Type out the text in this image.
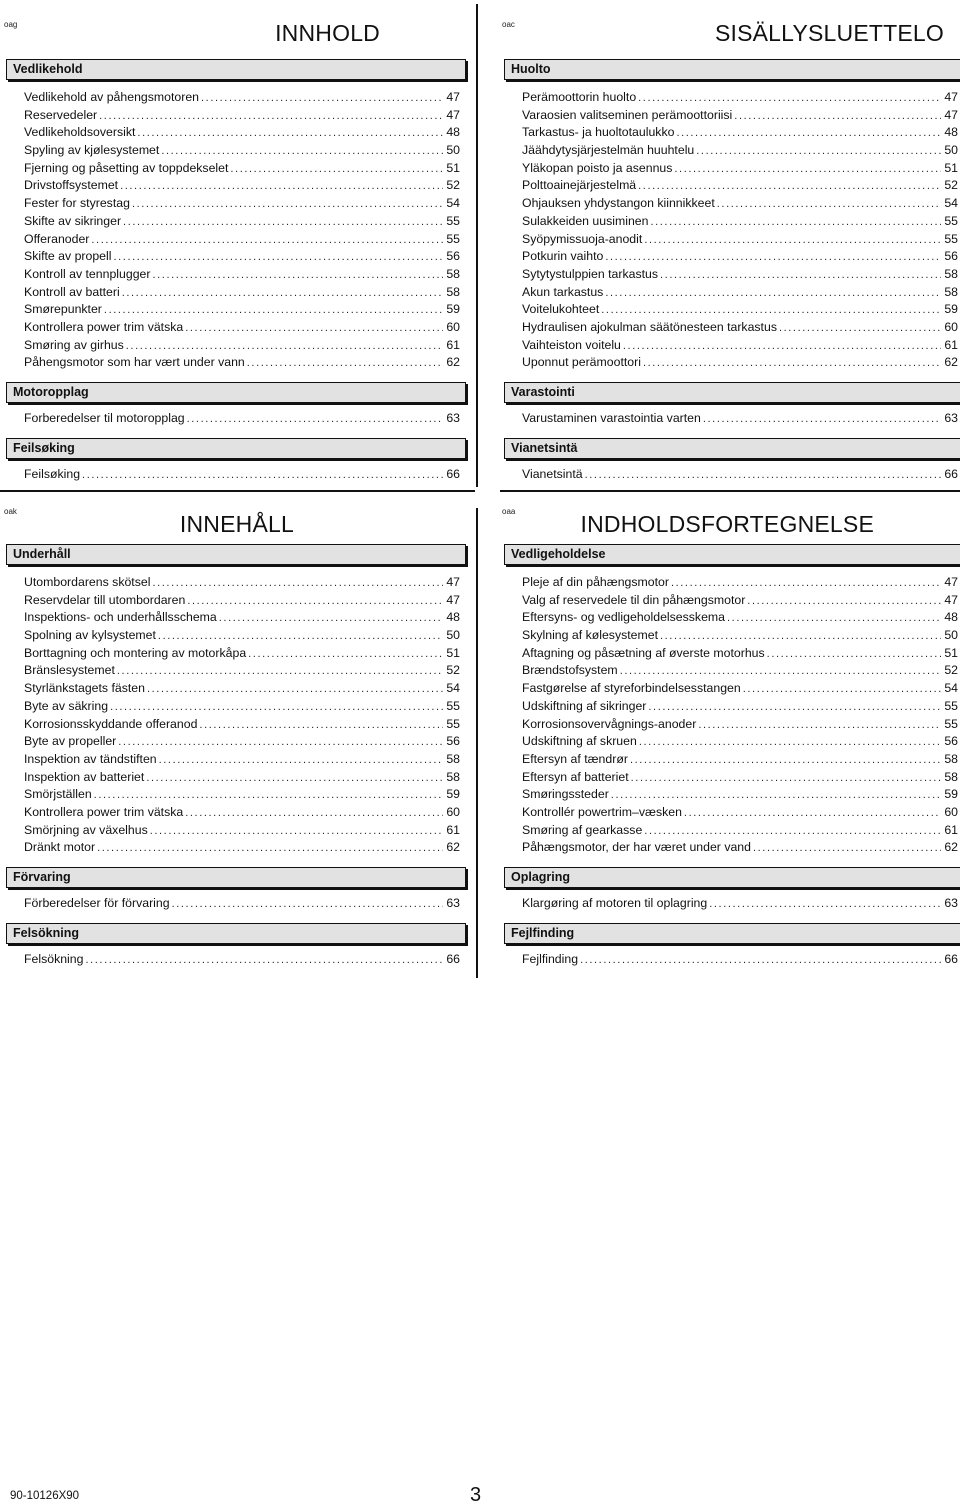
oag	INNHOLD
Vedlikehold
Vedlikehold av påhengsmotoren .....	47
Reservedeler .....	47
Vedlikeholdsoversikt .....	48
Spyling av kjølesystemet .....	50
Fjerning og påsetting av toppdekselet .....	51
Drivstoffsystemet .....	52
Fester for styrestag .....	54
Skifte av sikringer .....	55
Offeranoder .....	55
Skifte av propell .....	56
Kontroll av tennplugger .....	58
Kontroll av batteri .....	58
Smørepunkter .....	59
Kontrollera power trim vätska .....	60
Smøring av girhus .....	61
Påhengsmotor som har vært under vann .....	62
Motoropplag
Forberedelser til motoropplag .....	63
Feilsøking
Feilsøking .....	66
oac	SISÄLLYSLUETTELO
Huolto
Perämoottorin huolto .....	47
Varaosien valitseminen perämoottoriisi .....	47
Tarkastus- ja huoltotaulukko .....	48
Jäähdytysjärjestelmän huuhtelu .....	50
Yläkopan poisto ja asennus .....	51
Polttoainejärjestelmä .....	52
Ohjauksen yhdystangon kiinnikkeet .....	54
Sulakkeiden uusiminen .....	55
Syöpymissuoja-anodit .....	55
Potkurin vaihto .....	56
Sytytystulppien tarkastus .....	58
Akun tarkastus .....	58
Voitelukohteet .....	59
Hydraulisen ajokulman säätönesteen tarkastus .....	60
Vaihteiston voitelu .....	61
Uponnut perämoottori .....	62
Varastointi
Varustaminen varastointia varten .....	63
Vianetsintä
Vianetsintä .....	66
oak	INNEHÅLL
Underhåll
Utombordarens skötsel .....	47
Reservdelar till utombordaren .....	47
Inspektions- och underhållsschema .....	48
Spolning av kylsystemet .....	50
Borttagning och montering av motorkåpa .....	51
Bränslesystemet .....	52
Styrlänkstagets fästen .....	54
Byte av säkring .....	55
Korrosionsskyddande offeranod .....	55
Byte av propeller .....	56
Inspektion av tändstiften .....	58
Inspektion av batteriet .....	58
Smörjställen .....	59
Kontrollera power trim vätska .....	60
Smörjning av växelhus .....	61
Dränkt motor .....	62
Förvaring
Förberedelser för förvaring .....	63
Felsökning
Felsökning .....	66
oaa	INDHOLDSFORTEGNELSE
Vedligeholdelse
Pleje af din påhængsmotor .....	47
Valg af reservedele til din påhængsmotor .....	47
Eftersyns- og vedligeholdelsesskema .....	48
Skylning af kølesystemet .....	50
Aftagning og påsætning af øverste motorhus .....	51
Brændstofsystem .....	52
Fastgørelse af styreforbindelsesstangen .....	54
Udskiftning af sikringer .....	55
Korrosionsovervågnings-anoder .....	55
Udskiftning af skruen .....	56
Eftersyn af tændrør .....	58
Eftersyn af batteriet .....	58
Smøringssteder .....	59
Kontrollér powertrim–væsken .....	60
Smøring af gearkasse .....	61
Påhængsmotor, der har været under vand .....	62
Oplagring
Klargøring af motoren til oplagring .....	63
Fejlfinding
Fejlfinding .....	66
90-10126X90	3
